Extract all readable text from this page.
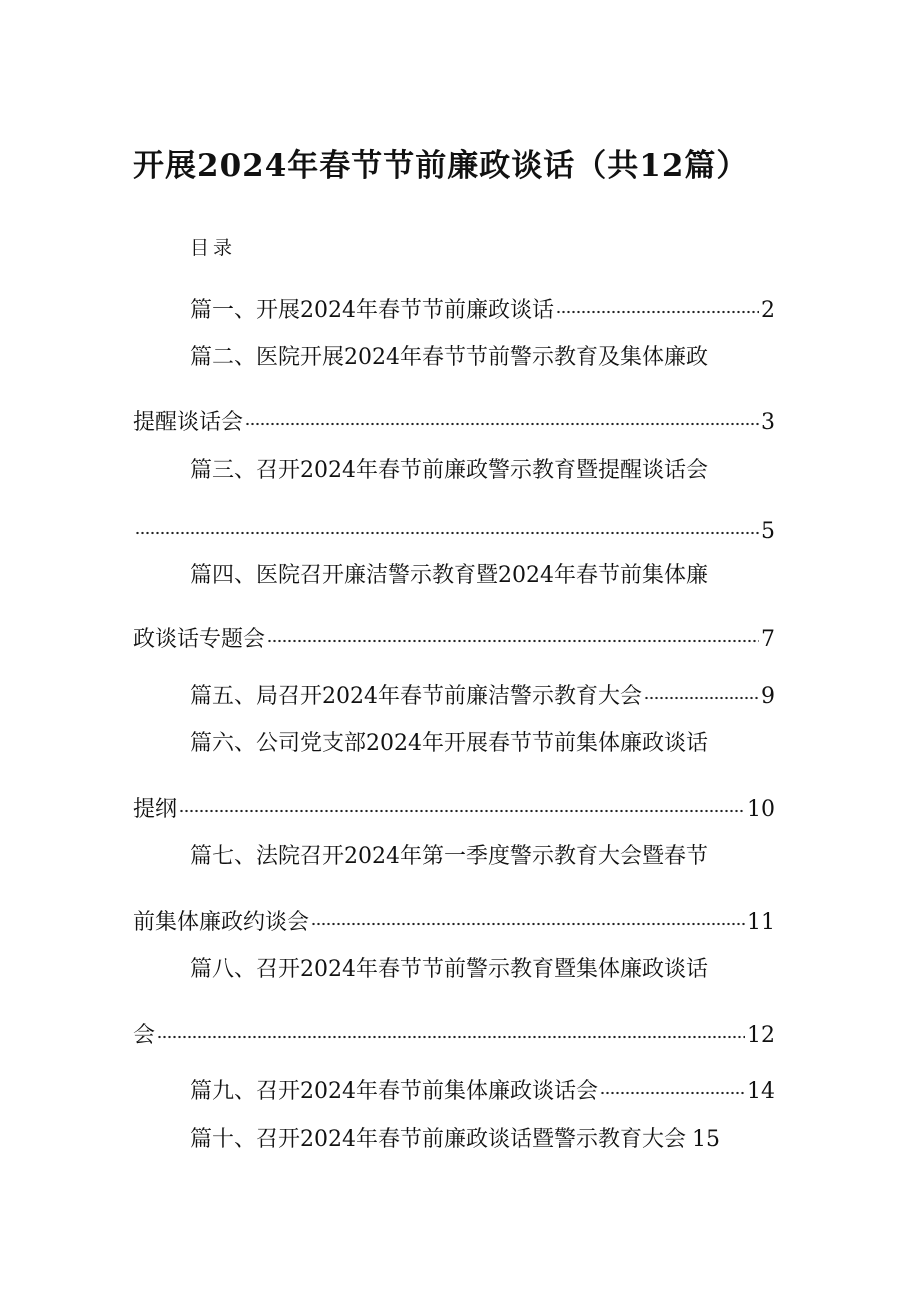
开展2024年春节节前廉政谈话（共12篇）
目录
篇一、开展2024年春节节前廉政谈话	2
篇二、医院开展2024年春节节前警示教育及集体廉政
提醒谈话会	3
篇三、召开2024年春节前廉政警示教育暨提醒谈话会
5
篇四、医院召开廉洁警示教育暨2024年春节前集体廉
政谈话专题会	7
篇五、局召开2024年春节前廉洁警示教育大会	9
篇六、公司党支部2024年开展春节节前集体廉政谈话
提纲	10
篇七、法院召开2024年第一季度警示教育大会暨春节
前集体廉政约谈会	11
篇八、召开2024年春节节前警示教育暨集体廉政谈话
会	12
篇九、召开2024年春节前集体廉政谈话会	14
篇十、召开2024年春节前廉政谈话暨警示教育大会 15
